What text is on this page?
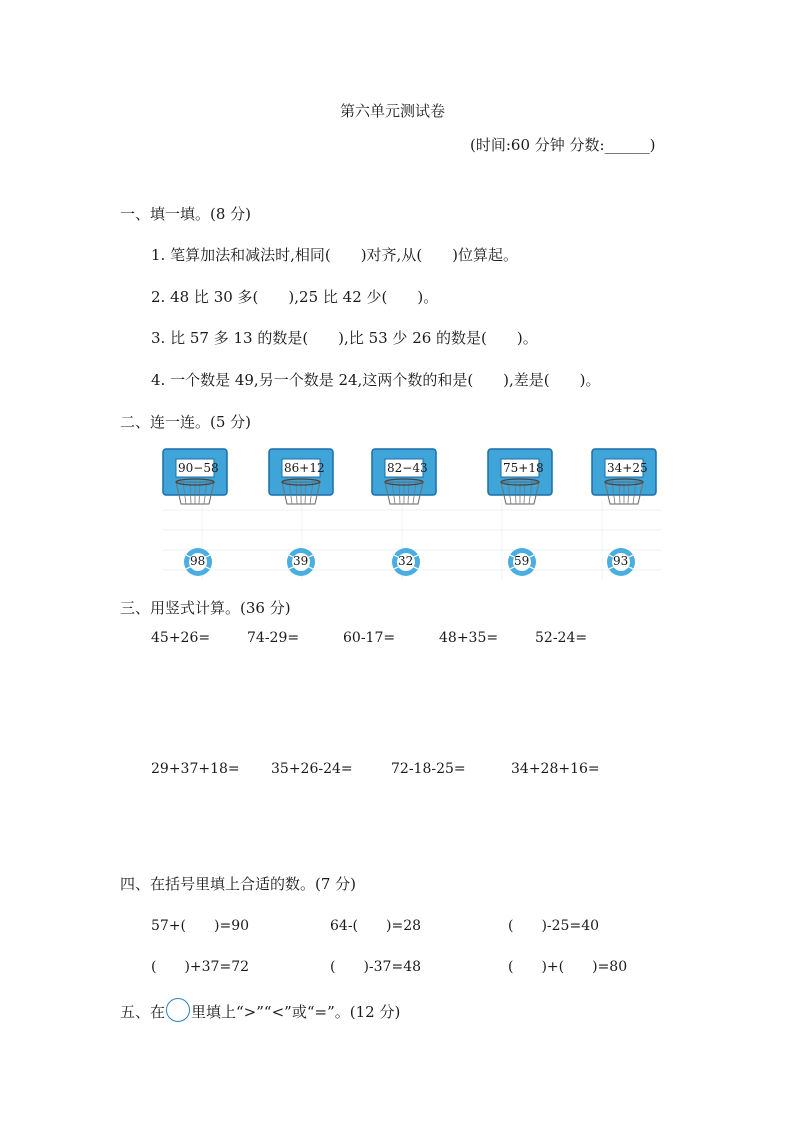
第六单元测试卷
(时间:60 分钟 分数:______)
一、填一填。(8 分)
1. 笔算加法和减法时,相同(　　)对齐,从(　　)位算起。
2. 48 比 30 多(　　),25 比 42 少(　　)。
3. 比 57 多 13 的数是(　　),比 53 少 26 的数是(　　)。
4. 一个数是 49,另一个数是 24,这两个数的和是(　　),差是(　　)。
二、连一连。(5 分)
90−58	86+12	82−43	75+18	34+25
98	39	32	59	93
三、用竖式计算。(36 分)
45+26=	74-29=	60-17=	48+35=	52-24=
29+37+18= 35+26-24=	72-18-25=	34+28+16=
四、在括号里填上合适的数。(7 分)
57+(　　)=90	64-(　　)=28	(　　)-25=40
(　　)+37=72	(　　)-37=48	(　　)+(　　)=80
五、在 里填上“>”“<”或“=”。(12 分)
